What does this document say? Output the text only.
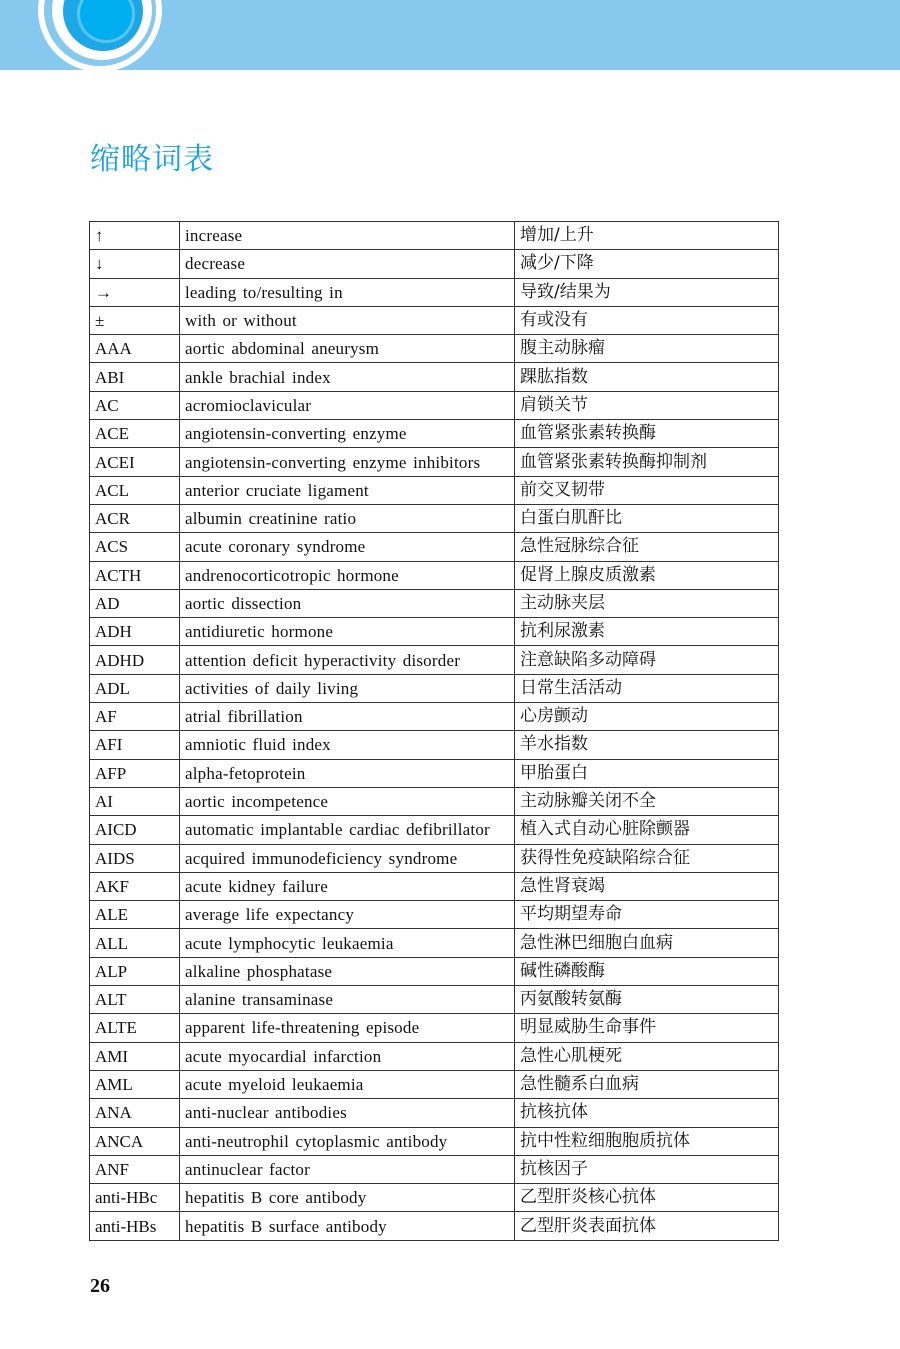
缩略词表
↑	increase	增加/上升
↓	decrease	减少/下降
→	leading to/resulting in	导致/结果为
±	with or without	有或没有
AAA	aortic abdominal aneurysm	腹主动脉瘤
ABI	ankle brachial index	踝肱指数
AC	acromioclavicular	肩锁关节
ACE	angiotensin-converting enzyme	血管紧张素转换酶
ACEI	angiotensin-converting enzyme inhibitors	血管紧张素转换酶抑制剂
ACL	anterior cruciate ligament	前交叉韧带
ACR	albumin creatinine ratio	白蛋白肌酐比
ACS	acute coronary syndrome	急性冠脉综合征
ACTH	andrenocorticotropic hormone	促肾上腺皮质激素
AD	aortic dissection	主动脉夹层
ADH	antidiuretic hormone	抗利尿激素
ADHD	attention deficit hyperactivity disorder	注意缺陷多动障碍
ADL	activities of daily living	日常生活活动
AF	atrial fibrillation	心房颤动
AFI	amniotic fluid index	羊水指数
AFP	alpha-fetoprotein	甲胎蛋白
AI	aortic incompetence	主动脉瓣关闭不全
AICD	automatic implantable cardiac defibrillator	植入式自动心脏除颤器
AIDS	acquired immunodeficiency syndrome	获得性免疫缺陷综合征
AKF	acute kidney failure	急性肾衰竭
ALE	average life expectancy	平均期望寿命
ALL	acute lymphocytic leukaemia	急性淋巴细胞白血病
ALP	alkaline phosphatase	碱性磷酸酶
ALT	alanine transaminase	丙氨酸转氨酶
ALTE	apparent life-threatening episode	明显威胁生命事件
AMI	acute myocardial infarction	急性心肌梗死
AML	acute myeloid leukaemia	急性髓系白血病
ANA	anti-nuclear antibodies	抗核抗体
ANCA	anti-neutrophil cytoplasmic antibody	抗中性粒细胞胞质抗体
ANF	antinuclear factor	抗核因子
anti-HBc	hepatitis B core antibody	乙型肝炎核心抗体
anti-HBs	hepatitis B surface antibody	乙型肝炎表面抗体
26
